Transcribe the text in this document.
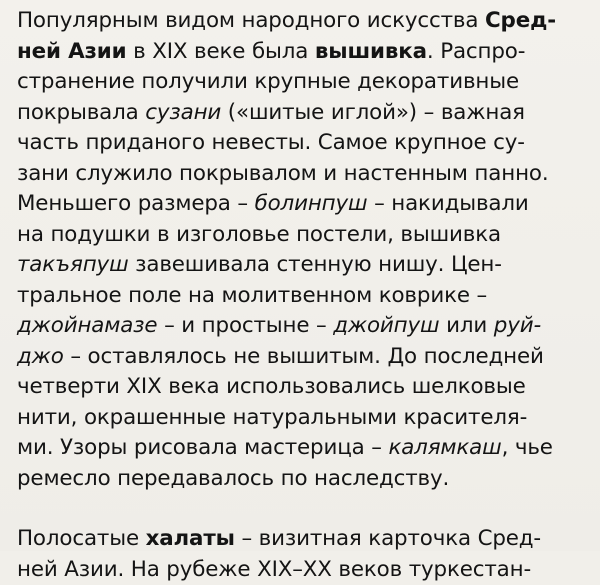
Популярным видом народного искусства Сред-
ней Азии в XIX веке была вышивка. Распро-
странение получили крупные декоративные
покрывала сузани («шитые иглой») – важная
часть приданого невесты. Самое крупное су-
зани служило покрывалом и настенным панно.
Меньшего размера – болинпуш – накидывали
на подушки в изголовье постели, вышивка
такъяпуш завешивала стенную нишу. Цен-
тральное поле на молитвенном коврике –
джойнамазе – и простыне – джойпуш или руй-
джо – оставлялось не вышитым. До последней
четверти XIX века использовались шелковые
нити, окрашенные натуральными красителя-
ми. Узоры рисовала мастерица – калямкаш, чье
ремесло передавалось по наследству.
Полосатые халаты – визитная карточка Сред-
ней Азии. На рубеже XIX–XX веков туркестан-
